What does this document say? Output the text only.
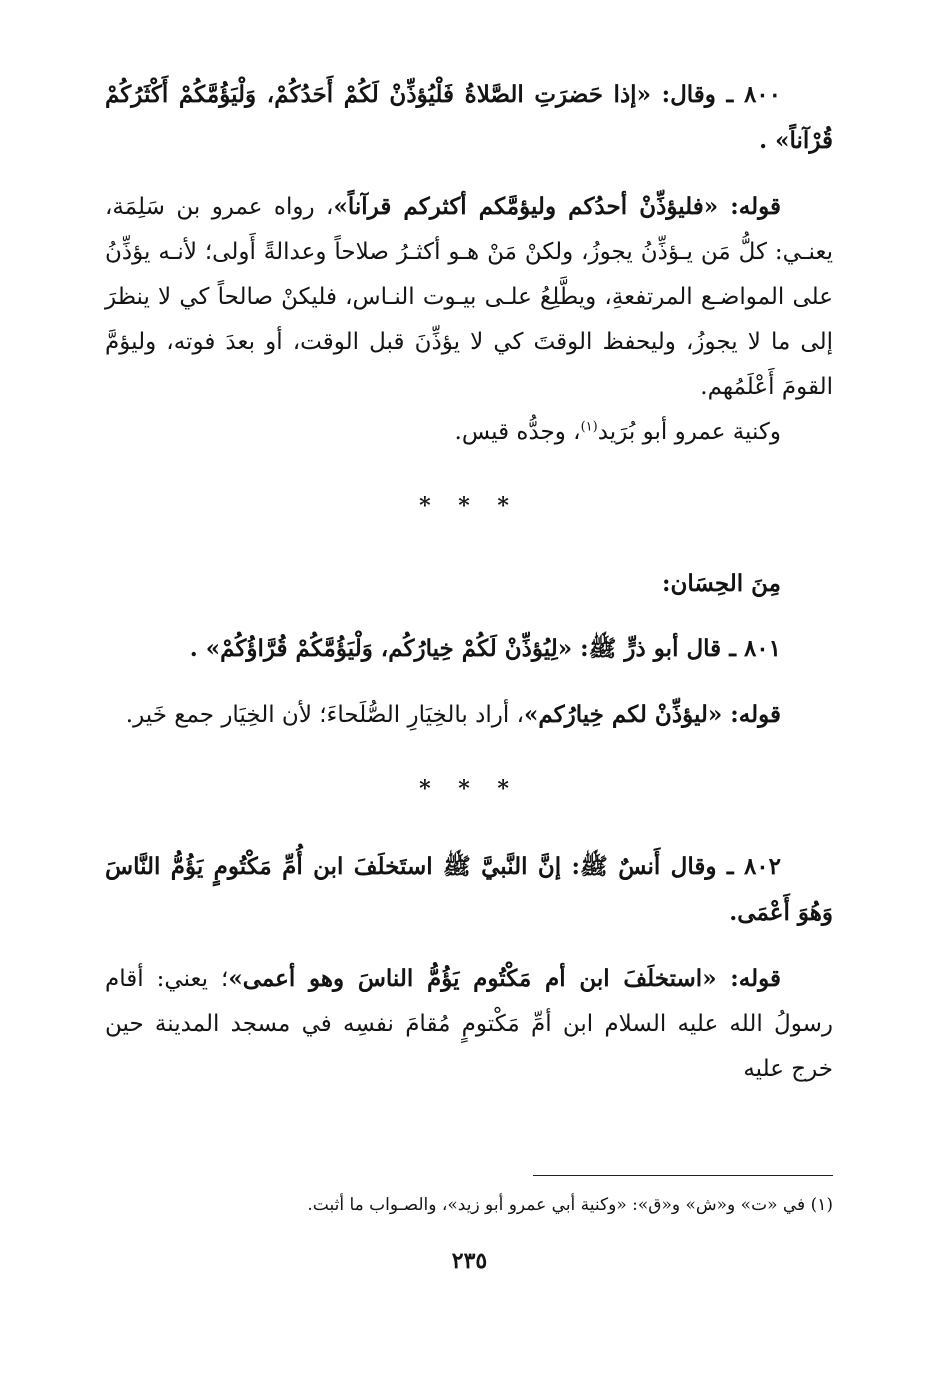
٨٠٠ ـ وقال: «إذا حَضرَتِ الصَّلاةُ فَلْيُؤذِّنْ لَكُمْ أَحَدُكُمْ، وَلْيَؤُمَّكُمْ أَكْثَرُكُمْ قُرْآناً» .

قوله: «فليؤذِّنْ أحدُكم وليؤمَّكم أكثركم قرآناً»، رواه عمرو بن سَلِمَة، يعنـي: كلُّ مَن يـؤذِّنُ يجوزُ، ولكنْ مَنْ هـو أكثـرُ صلاحاً وعدالةً أَولى؛ لأنـه يؤذِّنُ على المواضـع المرتفعةِ، ويطَّلِعُ علـى بيـوت النـاس، فليكنْ صالحاً كي لا ينظرَ إلى ما لا يجوزُ، وليحفظ الوقتَ كي لا يؤذِّنَ قبل الوقت، أو بعدَ فوته، وليؤمَّ القومَ أَعْلَمُهم.

وكنية عمرو أبو بُرَيد$^{(١)}$، وجدُّه قيس.

* * *

مِنَ الحِسَان:

٨٠١ ـ قال أبو ذرٍّ ﷺ: «لِيُؤذِّنْ لَكُمْ خِيارُكُم، وَلْيَؤُمَّكُمْ قُرَّاؤُكُمْ» .

قوله: «ليؤذِّنْ لكم خِيارُكم»، أراد بالخِيَارِ الصُّلَحاءَ؛ لأن الخِيَار جمع خَير.

* * *

٨٠٢ ـ وقال أَنسٌ ﷺ: إنَّ النَّبيَّ ﷺ استَخلَفَ ابن أُمِّ مَكْتُومٍ يَؤُمُّ النَّاسَ وَهُوَ أَعْمَى.

قوله: «استخلَفَ ابن أم مَكْتُوم يَؤُمُّ الناسَ وهو أعمى»؛ يعني: أقام رسولُ الله عليه السلام ابن أمِّ مَكْتومٍ مُقامَ نفسِه في مسجد المدينة حين خرج عليه

(١) في «ت» و«ش» و«ق»: «وكنية أبي عمرو أبو زيد»، والصـواب ما أثبت.

٢٣٥
